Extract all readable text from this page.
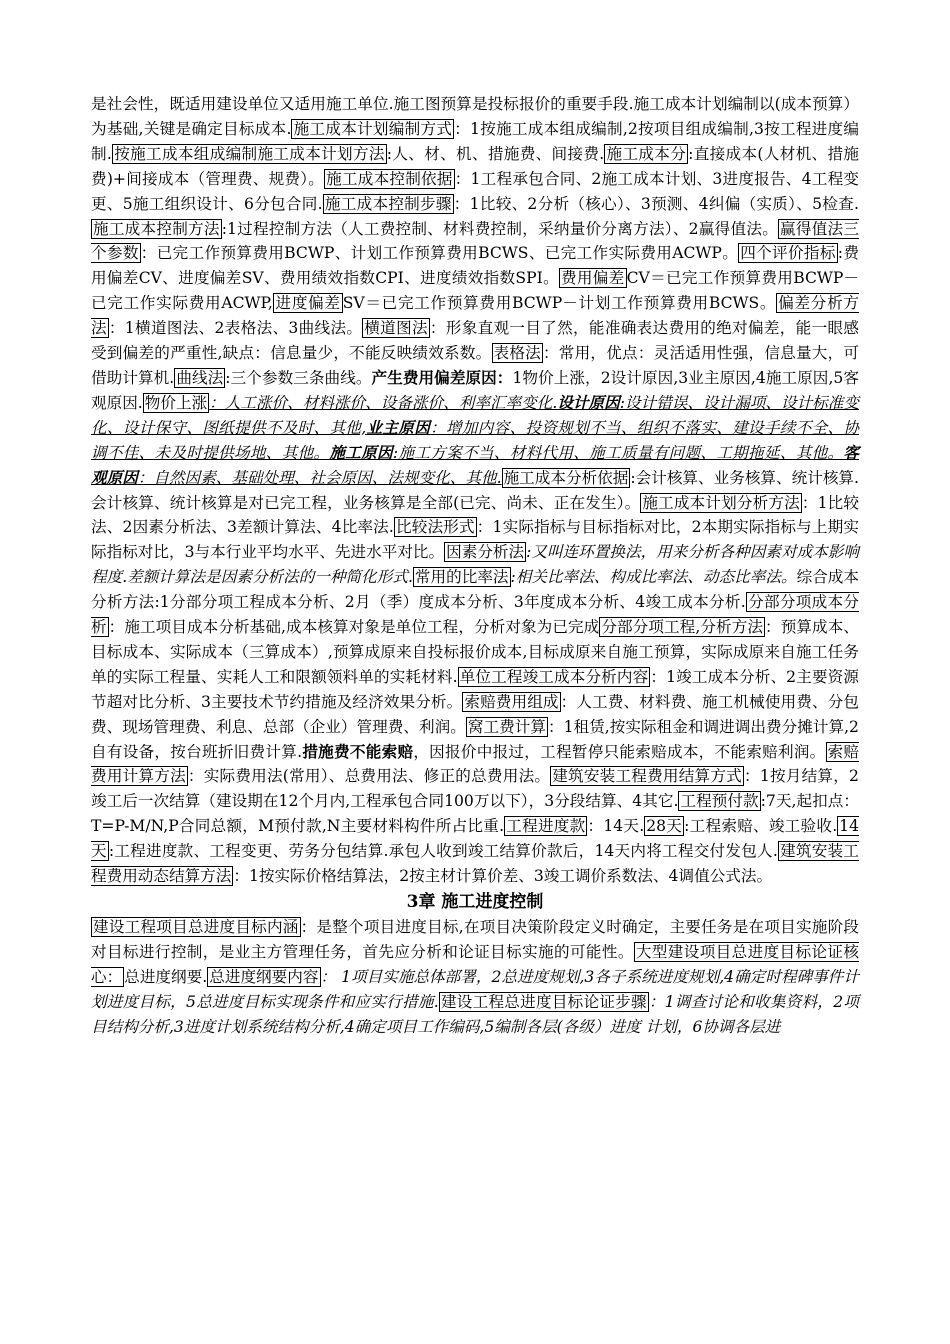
是社会性，既适用建设单位又适用施工单位.施工图预算是投标报价的重要手段.施工成本计划编制以(成本预算）为基础,关键是确定目标成本. 施工成本计划编制方式 ：1按施工成本组成编制,2按项目组成编制,3按工程进度编制. 按施工成本组成编制施工成本计划方法 :人、材、机、措施费、间接费. 施工成本分 :直接成本(人材机、措施费)+间接成本（管理费、规费）。 施工成本控制依据 ：1工程承包合同、2施工成本计划、3进度报告、4工程变更、5施工组织设计、6分包合同. 施工成本控制步骤 ：1比较、2分析（核心）、3预测、4纠偏（实质）、5检查.施工成本控制方法 :1过程控制方法（人工费控制、材料费控制，采纳量价分离方法）、2赢得值法。 赢得值法三个参数 ：已完工作预算费用BCWP、计划工作预算费用BCWS、已完工作实际费用ACWP。 四个评价指标 :费用偏差CV、进度偏差SV、费用绩效指数CPI、进度绩效指数SPI。 费用偏差 CV＝已完工作预算费用BCWP－已完工作实际费用ACWP, 进度偏差 SV＝已完工作预算费用BCWP－计划工作预算费用BCWS。 偏差分析方法 ：1横道图法、2表格法、3曲线法。 横道图法 ：形象直观一目了然，能准确表达费用的绝对偏差，能一眼感受到偏差的严重性,缺点：信息量少，不能反映绩效系数。 表格法 ：常用，优点：灵活适用性强，信息量大，可借助计算机. 曲线法 :三个参数三条曲线。产生费用偏差原因：1物价上涨，2设计原因,3业主原因,4施工原因,5客观原因. 物价上涨 ：人工涨价、材料涨价、设备涨价、利率汇率变化.设计原因:设计错误、设计漏项、设计标准变化、设计保守、图纸提供不及时、其他,业主原因：增加内容、投资规划不当、组织不落实、建设手续不全、协调不佳、未及时提供场地、其他。施工原因:施工方案不当、材料代用、施工质量有问题、工期拖延、其他。客观原因：自然因素、基础处理、社会原因、法规变化、其他. 施工成本分析依据 :会计核算、业务核算、统计核算.会计核算、统计核算是对已完工程，业务核算是全部(已完、尚未、正在发生）。 施工成本计划分析方法 ：1比较法、2因素分析法、3差额计算法、4比率法. 比较法形式 ：1实际指标与目标指标对比，2本期实际指标与上期实际指标对比，3与本行业平均水平、先进水平对比。 因素分析法 :又叫连环置换法，用来分析各种因素对成本影响程度.差额计算法是因素分析法的一种简化形式. 常用的比率法 :相关比率法、构成比率法、动态比率法。综合成本分析方法:1分部分项工程成本分析、2月（季）度成本分析、3年度成本分析、4竣工成本分析. 分部分项成本分析 ：施工项目成本分析基础,成本核算对象是单位工程，分析对象为已完成 分部分项工程,分析方法 ：预算成本、目标成本、实际成本（三算成本）,预算成原来自投标报价成本,目标成原来自施工预算，实际成原来自施工任务单的实际工程量、实耗人工和限额领料单的实耗材料. 单位工程竣工成本分析内容 ：1竣工成本分析、2主要资源节超对比分析、3主要技术节约措施及经济效果分析。 索赔费用组成 ：人工费、材料费、施工机械使用费、分包费、现场管理费、利息、总部（企业）管理费、利润。 窝工费计算 ：1租赁,按实际租金和调进调出费分摊计算,2自有设备，按台班折旧费计算.措施费不能索赔，因报价中报过，工程暂停只能索赔成本，不能索赔利润。 索赔费用计算方法 ：实际费用法(常用）、总费用法、修正的总费用法。 建筑安装工程费用结算方式 ：1按月结算，2竣工后一次结算（建设期在12个月内,工程承包合同100万以下），3分段结算、4其它. 工程预付款 :7天,起扣点：T=P-M/N,P合同总额，M预付款,N主要材料构件所占比重. 工程进度款 ：14天. 28天 :工程索赔、竣工验收. 14天 :工程进度款、工程变更、劳务分包结算.承包人收到竣工结算价款后，14天内将工程交付发包人. 建筑安装工程费用动态结算方法 ：1按实际价格结算法，2按主材计算价差、3竣工调价系数法、4调值公式法。

3章 施工进度控制

建设工程项目总进度目标内涵 ：是整个项目进度目标,在项目决策阶段定义时确定，主要任务是在项目实施阶段对目标进行控制，是业主方管理任务，首先应分析和论证目标实施的可能性。 大型建设项目总进度目标论证核心： 总进度纲要. 总进度纲要内容 ： 1项目实施总体部署，2总进度规划,3各子系统进度规划,4确定时程碑事件计划进度目标，5总进度目标实现条件和应实行措施. 建设工程总进度目标论证步骤 ：1调查讨论和收集资料，2项目结构分析,3进度计划系统结构分析,4确定项目工作编码,5编制各层(各级）进度 计划，6协调各层进
